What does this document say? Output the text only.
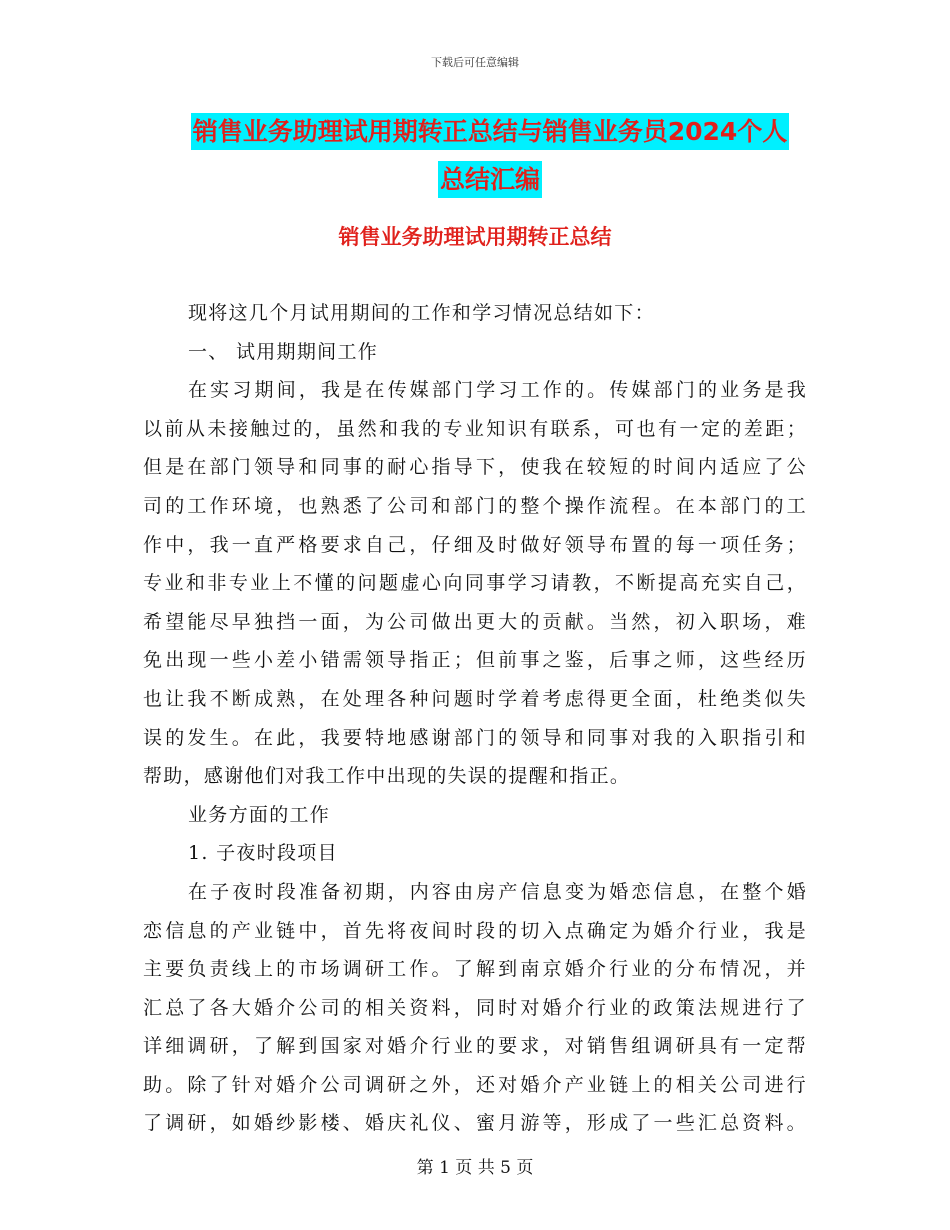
下载后可任意编辑
销售业务助理试用期转正总结与销售业务员2024个人
总结汇编
销售业务助理试用期转正总结
现将这几个月试用期间的工作和学习情况总结如下：
一、 试用期期间工作
在实习期间，我是在传媒部门学习工作的。传媒部门的业务是我
以前从未接触过的，虽然和我的专业知识有联系，可也有一定的差距；
但是在部门领导和同事的耐心指导下，使我在较短的时间内适应了公
司的工作环境，也熟悉了公司和部门的整个操作流程。在本部门的工
作中，我一直严格要求自己，仔细及时做好领导布置的每一项任务；
专业和非专业上不懂的问题虚心向同事学习请教，不断提高充实自己，
希望能尽早独挡一面，为公司做出更大的贡献。当然，初入职场，难
免出现一些小差小错需领导指正；但前事之鉴，后事之师，这些经历
也让我不断成熟，在处理各种问题时学着考虑得更全面，杜绝类似失
误的发生。在此，我要特地感谢部门的领导和同事对我的入职指引和
帮助，感谢他们对我工作中出现的失误的提醒和指正。
业务方面的工作
1. 子夜时段项目
在子夜时段准备初期，内容由房产信息变为婚恋信息，在整个婚
恋信息的产业链中，首先将夜间时段的切入点确定为婚介行业，我是
主要负责线上的市场调研工作。了解到南京婚介行业的分布情况，并
汇总了各大婚介公司的相关资料，同时对婚介行业的政策法规进行了
详细调研，了解到国家对婚介行业的要求，对销售组调研具有一定帮
助。除了针对婚介公司调研之外，还对婚介产业链上的相关公司进行
了调研，如婚纱影楼、婚庆礼仪、蜜月游等，形成了一些汇总资料。
第 1 页 共 5 页
